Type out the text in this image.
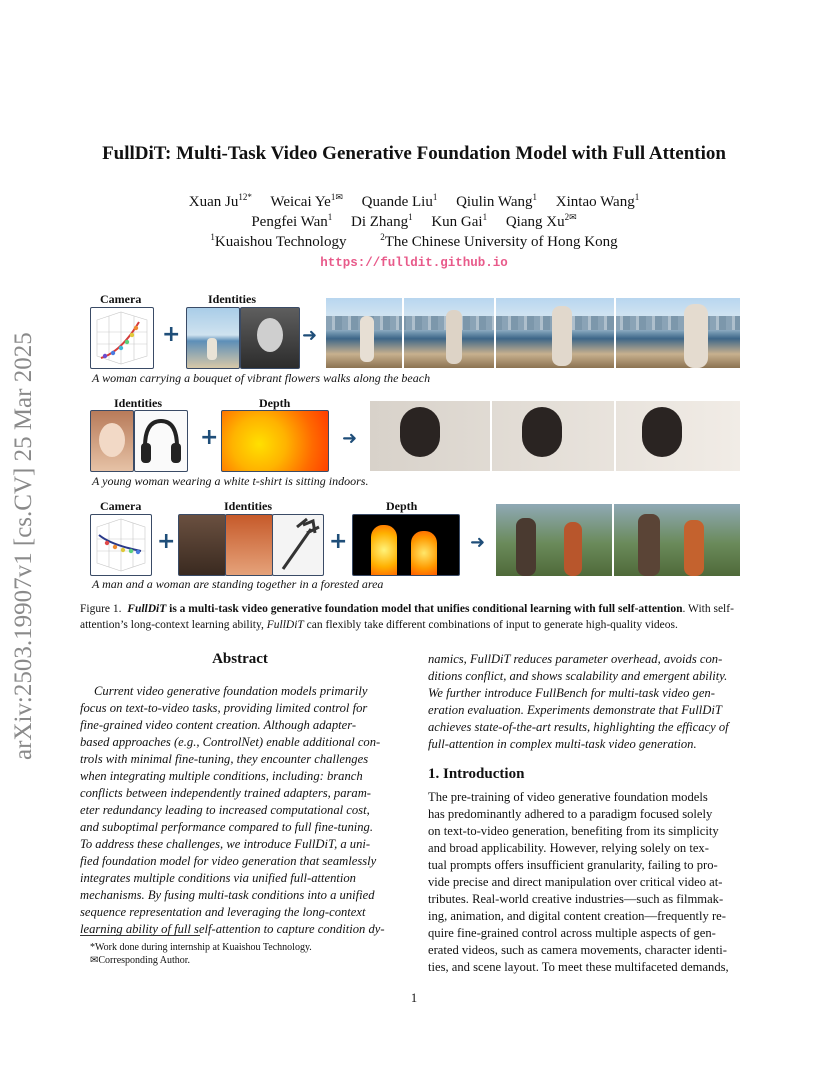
arXiv:2503.19907v1 [cs.CV] 25 Mar 2025
FullDiT: Multi-Task Video Generative Foundation Model with Full Attention
Xuan $Ju^{12*}$ Weicai $Ye^{1✉}$ Quande Liu$^1$ Qiulin Wang$^1$ Xintao Wang$^1$
Pengfei Wan$^1$ Di Zhang$^1$ Kun Gai$^1$ Qiang $Xu^{2✉}$
$^1$Kuaishou Technology	$^2$The Chinese University of Hong Kong
https://fulldit.github.io
Camera	Identities
+	➜
A woman carrying a bouquet of vibrant flowers walks along the beach
Identities	Depth
+	➜
A young woman wearing a white t-shirt is sitting indoors.
Camera	Identities	Depth
+	+	➜
A man and a woman are standing together in a forested area
Figure 1. FullDiT is a multi-task video generative foundation model that unifies conditional learning with full self-attention. With self-attention’s long-context learning ability, FullDiT can flexibly take different combinations of input to generate high-quality videos.
Abstract
Current video generative foundation models primarily
focus on text-to-video tasks, providing limited control for
fine-grained video content creation. Although adapter-
based approaches (e.g., ControlNet) enable additional con-
trols with minimal fine-tuning, they encounter challenges
when integrating multiple conditions, including: branch
conflicts between independently trained adapters, param-
eter redundancy leading to increased computational cost,
and suboptimal performance compared to full fine-tuning.
To address these challenges, we introduce FullDiT, a uni-
fied foundation model for video generation that seamlessly
integrates multiple conditions via unified full-attention
mechanisms. By fusing multi-task conditions into a unified
sequence representation and leveraging the long-context
learning ability of full self-attention to capture condition dy-
*Work done during internship at Kuaishou Technology.
✉Corresponding Author.
namics, FullDiT reduces parameter overhead, avoids con-
ditions conflict, and shows scalability and emergent ability.
We further introduce FullBench for multi-task video gen-
eration evaluation. Experiments demonstrate that FullDiT
achieves state-of-the-art results, highlighting the efficacy of
full-attention in complex multi-task video generation.
1. Introduction
The pre-training of video generative foundation models
has predominantly adhered to a paradigm focused solely
on text-to-video generation, benefiting from its simplicity
and broad applicability. However, relying solely on tex-
tual prompts offers insufficient granularity, failing to pro-
vide precise and direct manipulation over critical video at-
tributes. Real-world creative industries—such as filmmak-
ing, animation, and digital content creation—frequently re-
quire fine-grained control across multiple aspects of gen-
erated videos, such as camera movements, character identi-
ties, and scene layout. To meet these multifaceted demands,
1
